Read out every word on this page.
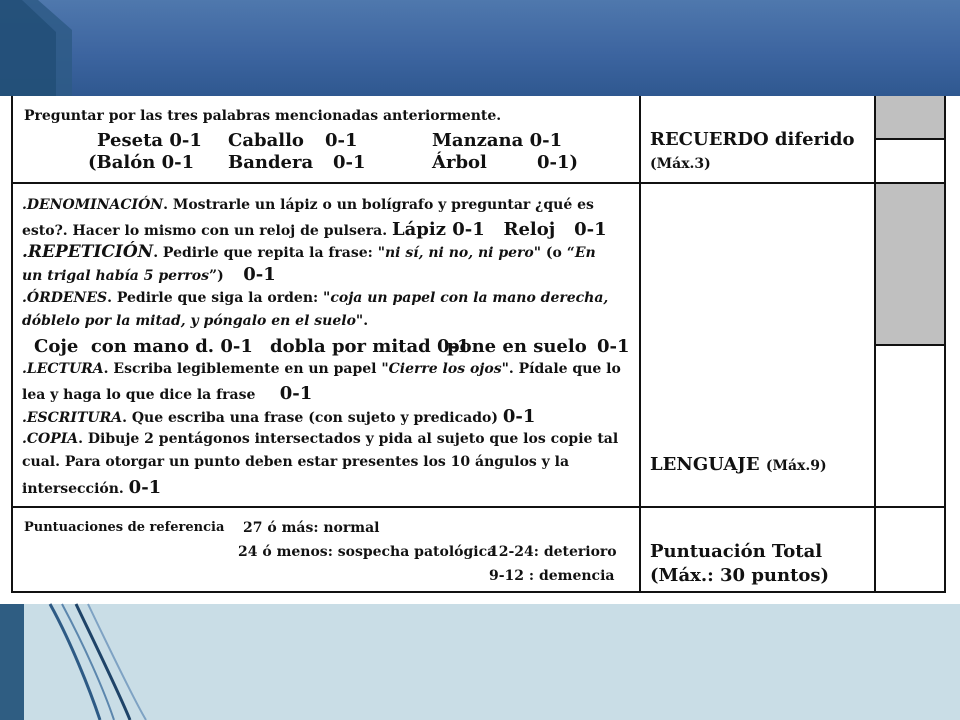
Preguntar por las tres palabras mencionadas anteriormente.
Peseta 0-1 Caballo 0-1	Manzana 0-1
(Balón 0-1 Bandera 0-1	Árbol	0-1)
RECUERDO diferido
(Máx.3)
.DENOMINACIÓN. Mostrarle un lápiz o un bolígrafo y preguntar ¿qué es
esto?. Hacer lo mismo con un reloj de pulsera. Lápiz 0-1   Reloj   0-1
.REPETICIÓN. Pedirle que repita la frase: "ni sí, ni no, ni pero" (o “En
un trigal había 5 perros”) 0-1
.ÓRDENES. Pedirle que siga la orden: "coja un papel con la mano derecha,
dóblelo por la mitad, y póngalo en el suelo".
Coje  con mano d. 0-1 dobla por mitad 0-1
pone en suelo 0-1
.LECTURA. Escriba legiblemente en un papel "Cierre los ojos". Pídale que lo
lea y haga lo que dice la frase 0-1
.ESCRITURA. Que escriba una frase (con sujeto y predicado) 0-1
.COPIA. Dibuje 2 pentágonos intersectados y pida al sujeto que los copie tal
cual. Para otorgar un punto deben estar presentes los 10 ángulos y la
intersección. 0-1
LENGUAJE (Máx.9)
Puntuaciones de referencia 27 ó más: normal
24 ó menos: sospecha patológica
12-24: deterioro
9-12 : demencia
Puntuación Total
(Máx.: 30 puntos)
